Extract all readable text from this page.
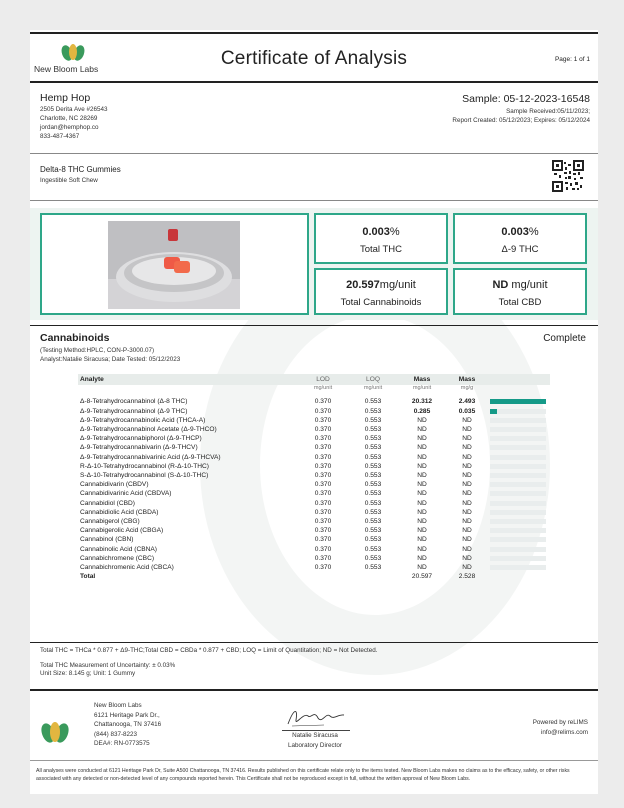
New Bloom Labs	Certificate of Analysis	Page: 1 of 1
Hemp Hop
2505 Derita Ave #26543
Charlotte, NC 28269
jordan@hemphop.co
833-487-4367
Sample: 05-12-2023-16548
Sample Received:05/11/2023;
Report Created: 05/12/2023; Expires: 05/12/2024
Delta-8 THC Gummies
Ingestible Soft Chew
0.003%
Total THC
0.003%
Δ-9 THC
20.597mg/unit
Total Cannabinoids
ND mg/unit
Total CBD
Cannabinoids	Complete
(Testing Method:HPLC, CON-P-3000.07)
Analyst:Natalie Siracusa; Date Tested: 05/12/2023
Analyte	LOD	LOQ	Mass	Mass	
	mg/unit	mg/unit	mg/unit	mg/g	

Δ-8-Tetrahydrocannabinol (Δ-8 THC)	0.370	0.553	20.312	2.493	

Δ-9-Tetrahydrocannabinol (Δ-9 THC)	0.370	0.553	0.285	0.035	

Δ-9-Tetrahydrocannabinolic Acid (THCA-A)	0.370	0.553	ND	ND	

Δ-9-Tetrahydrocannabinol Acetate (Δ-9-THCO)	0.370	0.553	ND	ND	

Δ-9-Tetrahydrocannabiphorol (Δ-9-THCP)	0.370	0.553	ND	ND	

Δ-9-Tetrahydrocannabivarin (Δ-9-THCV)	0.370	0.553	ND	ND	

Δ-9-Tetrahydrocannabivarinic Acid (Δ-9-THCVA)	0.370	0.553	ND	ND	

R-Δ-10-Tetrahydrocannabinol (R-Δ-10-THC)	0.370	0.553	ND	ND	

S-Δ-10-Tetrahydrocannabinol (S-Δ-10-THC)	0.370	0.553	ND	ND	

Cannabidivarin (CBDV)	0.370	0.553	ND	ND	

Cannabidivarinic Acid (CBDVA)	0.370	0.553	ND	ND	

Cannabidiol (CBD)	0.370	0.553	ND	ND	

Cannabidiolic Acid (CBDA)	0.370	0.553	ND	ND	

Cannabigerol (CBG)	0.370	0.553	ND	ND	

Cannabigerolic Acid (CBGA)	0.370	0.553	ND	ND	

Cannabinol (CBN)	0.370	0.553	ND	ND	

Cannabinolic Acid (CBNA)	0.370	0.553	ND	ND	

Cannabichromene (CBC)	0.370	0.553	ND	ND	

Cannabichromenic Acid (CBCA)	0.370	0.553	ND	ND	

Total			20.597	2.528	
Total THC = THCa * 0.877 + Δ9-THC;Total CBD = CBDa * 0.877 + CBD; LOQ = Limit of Quantitation; ND = Not Detected.
Total THC Measurement of Uncertainty: ± 0.03%
Unit Size: 8.145 g; Unit: 1 Gummy
New Bloom Labs
6121 Heritage Park Dr.,
Chattanooga, TN 37416
(844) 837-8223
DEA#: RN-0773575
Natalie Siracusa
Laboratory Director
Powered by reLIMS
info@relims.com
All analyses were conducted at 6121 Heritage Park Dr, Suite A500 Chattanooga, TN 37416. Results published on this certificate relate only to the items tested. New Bloom Labs makes no claims as to the efficacy, safety, or other risks associated with any detected or non-detected level of any compounds reported herein. This Certificate shall not be reproduced except in full, without the written approval of New Bloom Labs.
